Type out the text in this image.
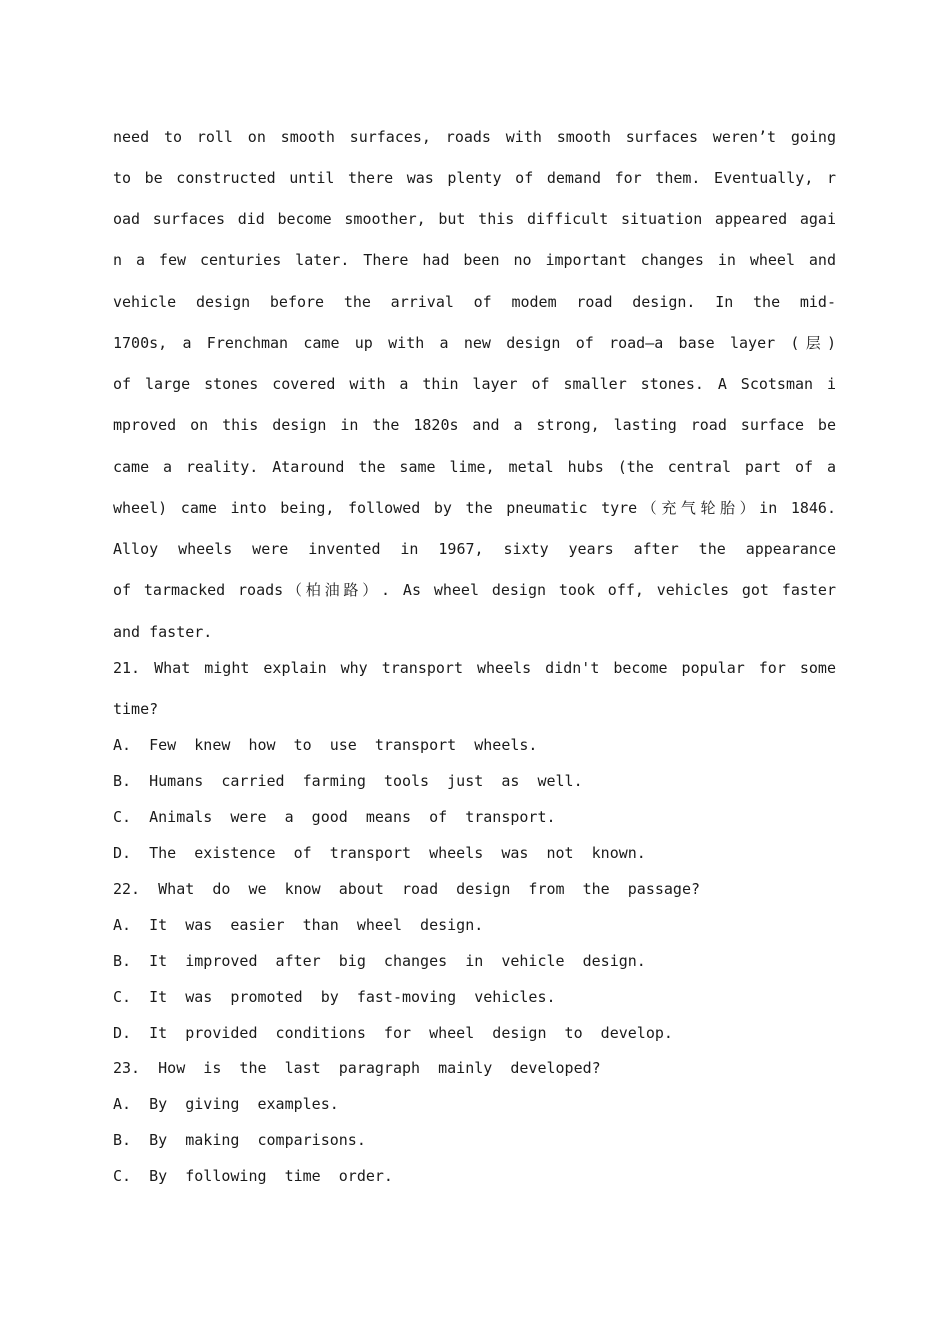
need to roll on smooth surfaces, roads with smooth surfaces weren’t going
to be constructed until there was plenty of demand for them. Eventually, r
oad surfaces did become smoother, but this difficult situation appeared agai
n a few centuries later. There had been no important changes in wheel and
vehicle design before the arrival of modem road design. In the mid-
1700s, a Frenchman came up with a new design of road—a base layer (层)
of large stones covered with a thin layer of smaller stones. A Scotsman i
mproved on this design in the 1820s and a strong, lasting road surface be
came a reality. Ataround the same lime, metal hubs (the central part of a
wheel) came into being, followed by the pneumatic tyre（充气轮胎）in 1846.
Alloy wheels were invented in 1967, sixty years after the appearance
of tarmacked roads（柏油路）. As wheel design took off, vehicles got faster
and faster.
21. What might explain why transport wheels didn't become popular for some
time?
A.  Few  knew  how  to  use  transport  wheels.
B.  Humans  carried  farming  tools  just  as  well.
C.  Animals  were  a  good  means  of  transport.
D.  The  existence  of  transport  wheels  was  not  known.
22.  What  do  we  know  about  road  design  from  the  passage?
A.  It  was  easier  than  wheel  design.
B.  It  improved  after  big  changes  in  vehicle  design.
C.  It  was  promoted  by  fast-moving  vehicles.
D.  It  provided  conditions  for  wheel  design  to  develop.
23.  How  is  the  last  paragraph  mainly  developed?
A.  By  giving  examples.
B.  By  making  comparisons.
C.  By  following  time  order.
